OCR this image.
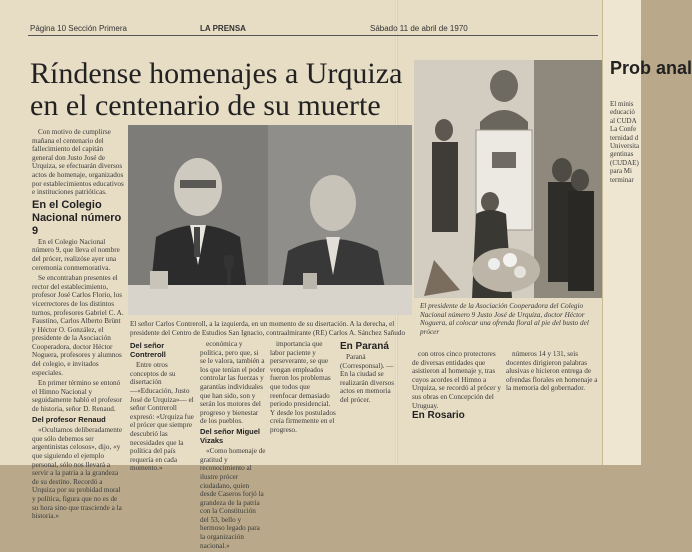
Página 10 Sección Primera	LA PRENSA	Sábado 11 de abril de 1970
Ríndense homenajes a Urquiza en el centenario de su muerte

Con motivo de cumplirse mañana el centenario del fallecimiento del capitán general don Justo José de Urquiza, se efectuarán diversos actos de homenaje, organizados por establecimientos educativos e instituciones patrióticas.

En el Colegio Nacional número 9

En el Colegio Nacional número 9, que lleva el nombre del prócer, realizóse ayer una ceremonia conmemorativa.

Se encontraban presentes el rector del establecimiento, profesor José Carlos Florio, los vicerrectores de los distintos turnos, profesores Gabriel C. A. Faustino, Carlos Alberto Brünt y Héctor O. González, el presidente de la Asociación Cooperadora, doctor Héctor Noguera, profesores y alumnos del colegio, e invitados especiales.

En primer término se entonó el Himno Nacional y seguidamente habló el profesor de historia, señor D. Renaud.

Del profesor Renaud

«Ocultamos deliberadamente que sólo debemos ser argentinistas celosos», dijo, «y que siguiendo el ejemplo personal, sólo nos llevará a servir a la patria a la grandeza de su destino. Recordó a Urquiza por su probidad moral y política, figura que no es de su hora sino que trasciende a la historia.»

El señor Carlos Contreroll, a la izquierda, en un momento de su disertación. A la derecha, el presidente del Centro de Estudios San Ignacio, contraalmirante (RE) Carlos A. Sánchez Sañudo
Del señor Contreroll

Entre otros conceptos de su disertación —«Educación, Justo José de Urquiza»— el señor Contreroll expresó: «Urquiza fue el prócer que siempre descubrió las necesidades que la política del país requería en cada momento.»

económica y política, pero que, si se le valora, también a los que tenían el poder controlar las fuerzas y garantías individuales que han sido, son y serán los motores del progreso y bienestar de los pueblos.

Del señor Miguel Vizaks

«Como homenaje de gratitud y reconocimiento al ilustre prócer ciudadano, quien desde Caseros forjó la grandeza de la patria con la Constitución del 53, bello y hermoso legado para la organización nacional.»

importancia que labor paciente y perseverante, se que vengan empleados fueron los problemas que todos que reenfocar demasiado periodo presidencial. Y desde los postulados creía firmemente en el progreso.

En Paraná

Paraná (Corresponsal). — En la ciudad se realizarán diversos actos en memoria del prócer.

El presidente de la Asociación Cooperadora del Colegio Nacional número 9 Justo José de Urquiza, doctor Héctor Noguera, al colocar una ofrenda floral al pie del busto del prócer

con otros cinco protectores de diversas entidades que asistieron al homenaje y, tras cuyos acordes el Himno a Urquiza, se recordó al prócer y sus obras en Concepción del Uruguay.

En Rosario

números 14 y 131, seis docentes dirigieron palabras alusivas e hicieron entrega de ofrendas florales en homenaje a la memoria del gobernador.

Prob anal
El minis
educació
al CUDA
La Confe
ternidad d
Universita
gentinas
(CUDAE)
para Mi
terminar
